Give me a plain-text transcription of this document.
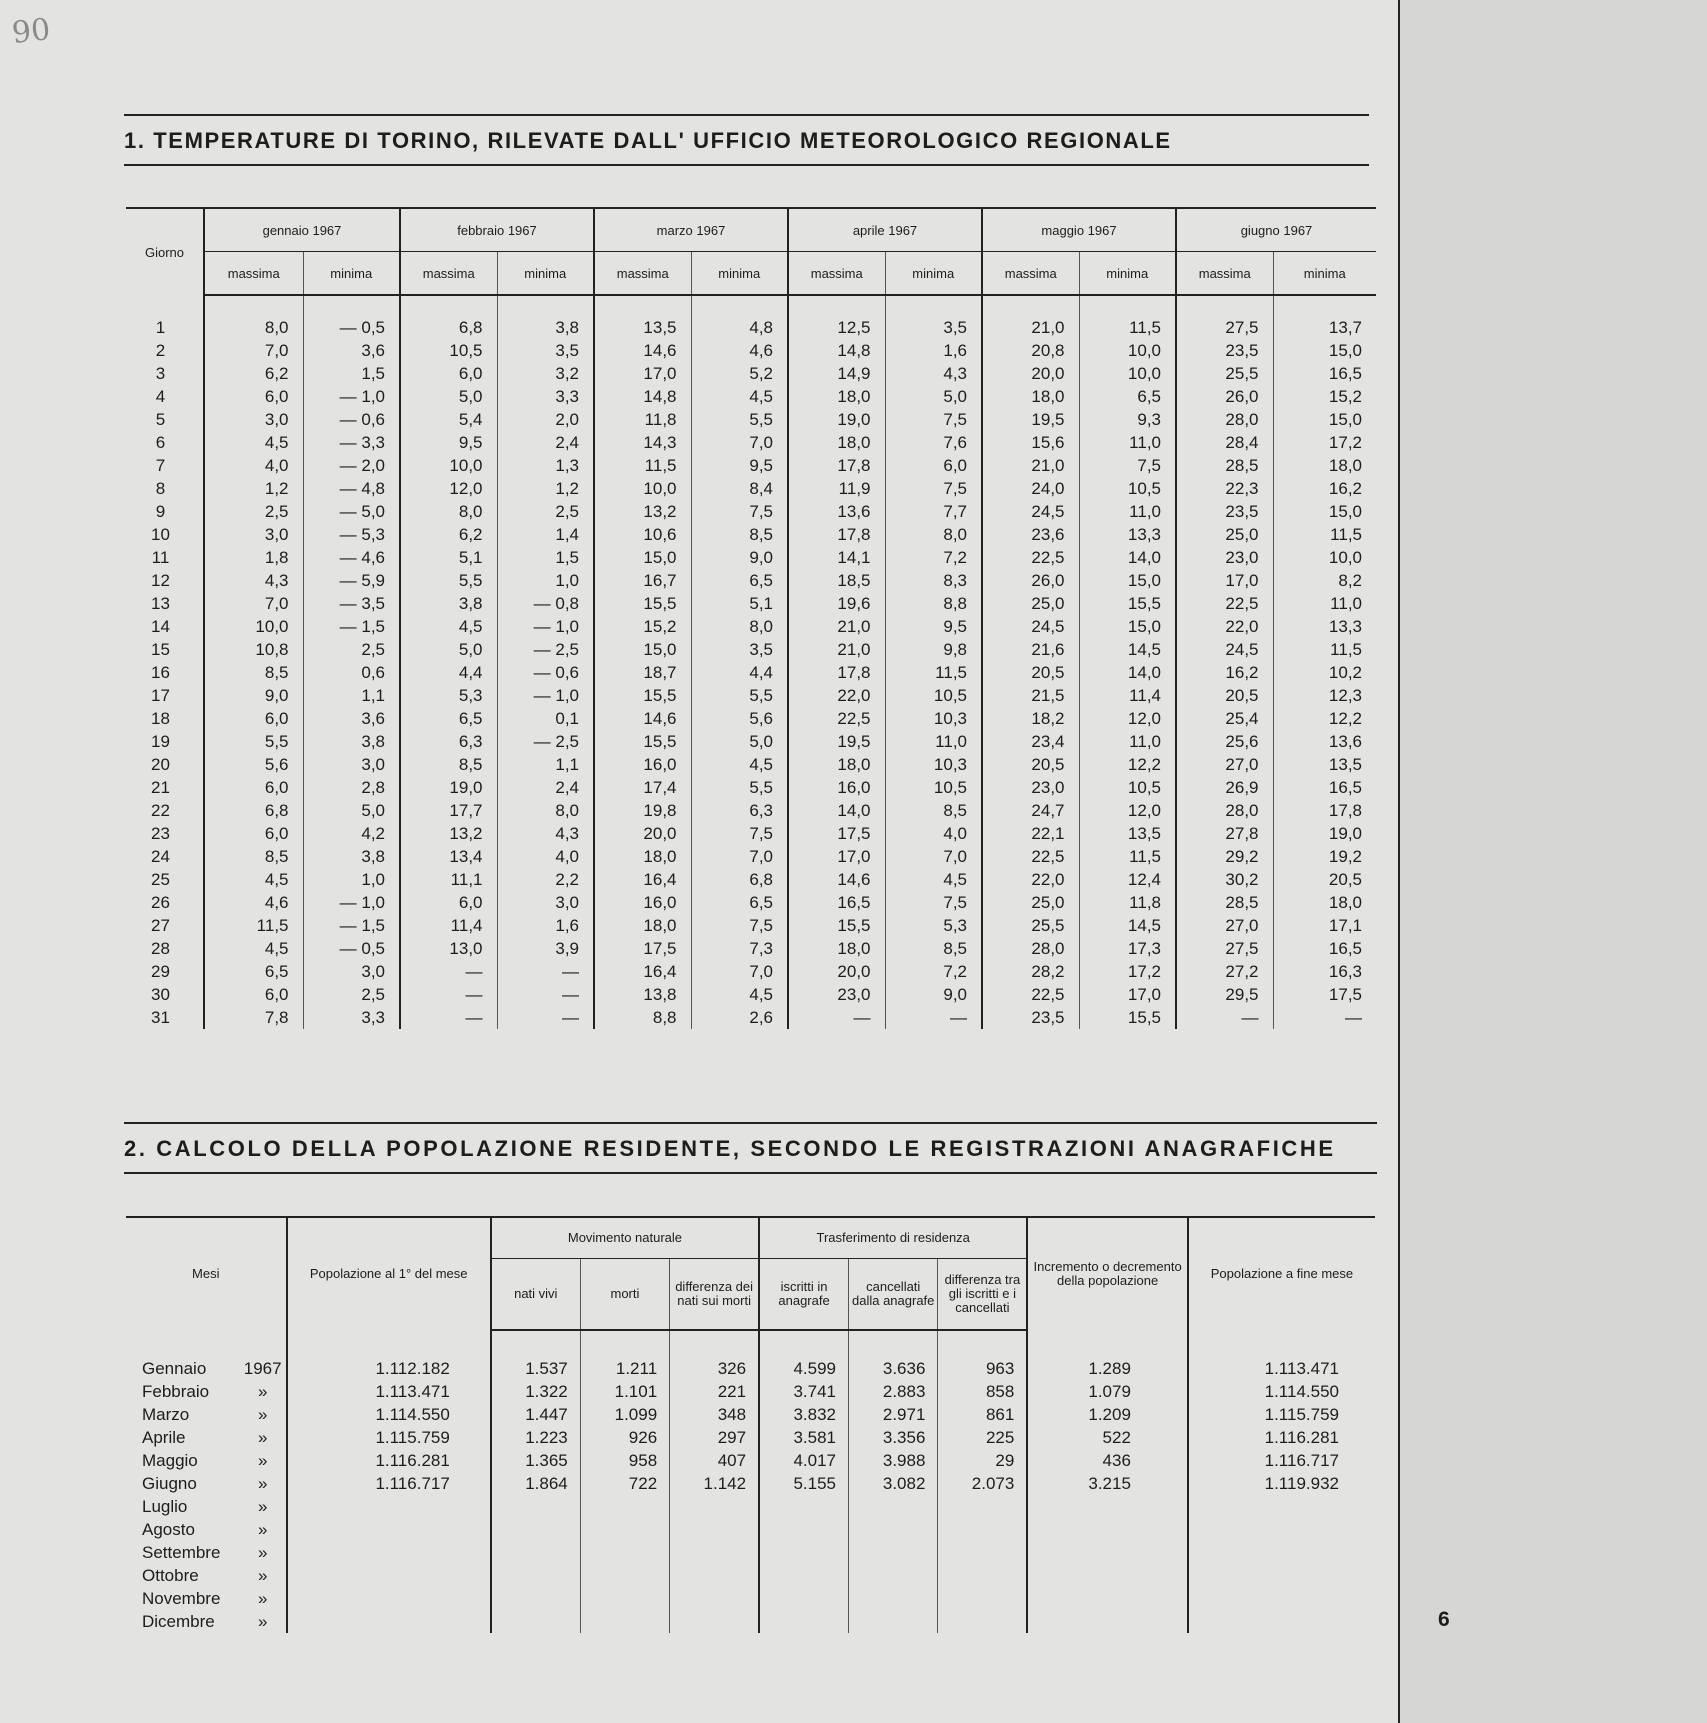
90
1. TEMPERATURE DI TORINO, RILEVATE DALL' UFFICIO METEOROLOGICO REGIONALE
Giorno	gennaio 1967		febbraio 1967		marzo 1967		aprile 1967		maggio 1967		giugno 1967	
	massima	minima	massima	minima	massima	minima	massima	minima	massima	minima	massima	minima

1	8,0	— 0,5	6,8	3,8	13,5	4,8	12,5	3,5	21,0	11,5	27,5	13,7
2	7,0	3,6	10,5	3,5	14,6	4,6	14,8	1,6	20,8	10,0	23,5	15,0
3	6,2	1,5	6,0	3,2	17,0	5,2	14,9	4,3	20,0	10,0	25,5	16,5
4	6,0	— 1,0	5,0	3,3	14,8	4,5	18,0	5,0	18,0	6,5	26,0	15,2
5	3,0	— 0,6	5,4	2,0	11,8	5,5	19,0	7,5	19,5	9,3	28,0	15,0
6	4,5	— 3,3	9,5	2,4	14,3	7,0	18,0	7,6	15,6	11,0	28,4	17,2
7	4,0	— 2,0	10,0	1,3	11,5	9,5	17,8	6,0	21,0	7,5	28,5	18,0
8	1,2	— 4,8	12,0	1,2	10,0	8,4	11,9	7,5	24,0	10,5	22,3	16,2
9	2,5	— 5,0	8,0	2,5	13,2	7,5	13,6	7,7	24,5	11,0	23,5	15,0
10	3,0	— 5,3	6,2	1,4	10,6	8,5	17,8	8,0	23,6	13,3	25,0	11,5
11	1,8	— 4,6	5,1	1,5	15,0	9,0	14,1	7,2	22,5	14,0	23,0	10,0
12	4,3	— 5,9	5,5	1,0	16,7	6,5	18,5	8,3	26,0	15,0	17,0	8,2
13	7,0	— 3,5	3,8	— 0,8	15,5	5,1	19,6	8,8	25,0	15,5	22,5	11,0
14	10,0	— 1,5	4,5	— 1,0	15,2	8,0	21,0	9,5	24,5	15,0	22,0	13,3
15	10,8	2,5	5,0	— 2,5	15,0	3,5	21,0	9,8	21,6	14,5	24,5	11,5
16	8,5	0,6	4,4	— 0,6	18,7	4,4	17,8	11,5	20,5	14,0	16,2	10,2
17	9,0	1,1	5,3	— 1,0	15,5	5,5	22,0	10,5	21,5	11,4	20,5	12,3
18	6,0	3,6	6,5	0,1	14,6	5,6	22,5	10,3	18,2	12,0	25,4	12,2
19	5,5	3,8	6,3	— 2,5	15,5	5,0	19,5	11,0	23,4	11,0	25,6	13,6
20	5,6	3,0	8,5	1,1	16,0	4,5	18,0	10,3	20,5	12,2	27,0	13,5
21	6,0	2,8	19,0	2,4	17,4	5,5	16,0	10,5	23,0	10,5	26,9	16,5
22	6,8	5,0	17,7	8,0	19,8	6,3	14,0	8,5	24,7	12,0	28,0	17,8
23	6,0	4,2	13,2	4,3	20,0	7,5	17,5	4,0	22,1	13,5	27,8	19,0
24	8,5	3,8	13,4	4,0	18,0	7,0	17,0	7,0	22,5	11,5	29,2	19,2
25	4,5	1,0	11,1	2,2	16,4	6,8	14,6	4,5	22,0	12,4	30,2	20,5
26	4,6	— 1,0	6,0	3,0	16,0	6,5	16,5	7,5	25,0	11,8	28,5	18,0
27	11,5	— 1,5	11,4	1,6	18,0	7,5	15,5	5,3	25,5	14,5	27,0	17,1
28	4,5	— 0,5	13,0	3,9	17,5	7,3	18,0	8,5	28,0	17,3	27,5	16,5
29	6,5	3,0	—	—	16,4	7,0	20,0	7,2	28,2	17,2	27,2	16,3
30	6,0	2,5	—	—	13,8	4,5	23,0	9,0	22,5	17,0	29,5	17,5
31	7,8	3,3	—	—	8,8	2,6	—	—	23,5	15,5	—	—
2. CALCOLO DELLA POPOLAZIONE RESIDENTE, SECONDO LE REGISTRAZIONI ANAGRAFICHE
Mesi		Popolazione al 1° del mese	Movimento naturale			Trasferimento di residenza			Incremento o decremento della popolazione	Popolazione a fine mese
			nati vivi	morti	differenza dei nati sui morti	iscritti in anagrafe	cancellati dalla anagrafe	differenza tra gli iscritti e i cancellati		

Gennaio	1967	1.112.182	1.537	1.211	326	4.599	3.636	963	1.289	1.113.471
Febbraio	»	1.113.471	1.322	1.101	221	3.741	2.883	858	1.079	1.114.550
Marzo	»	1.114.550	1.447	1.099	348	3.832	2.971	861	1.209	1.115.759
Aprile	»	1.115.759	1.223	926	297	3.581	3.356	225	522	1.116.281
Maggio	»	1.116.281	1.365	958	407	4.017	3.988	29	436	1.116.717
Giugno	»	1.116.717	1.864	722	1.142	5.155	3.082	2.073	3.215	1.119.932
Luglio	»									
Agosto	»									
Settembre	»									
Ottobre	»									
Novembre	»									
Dicembre	»										6
